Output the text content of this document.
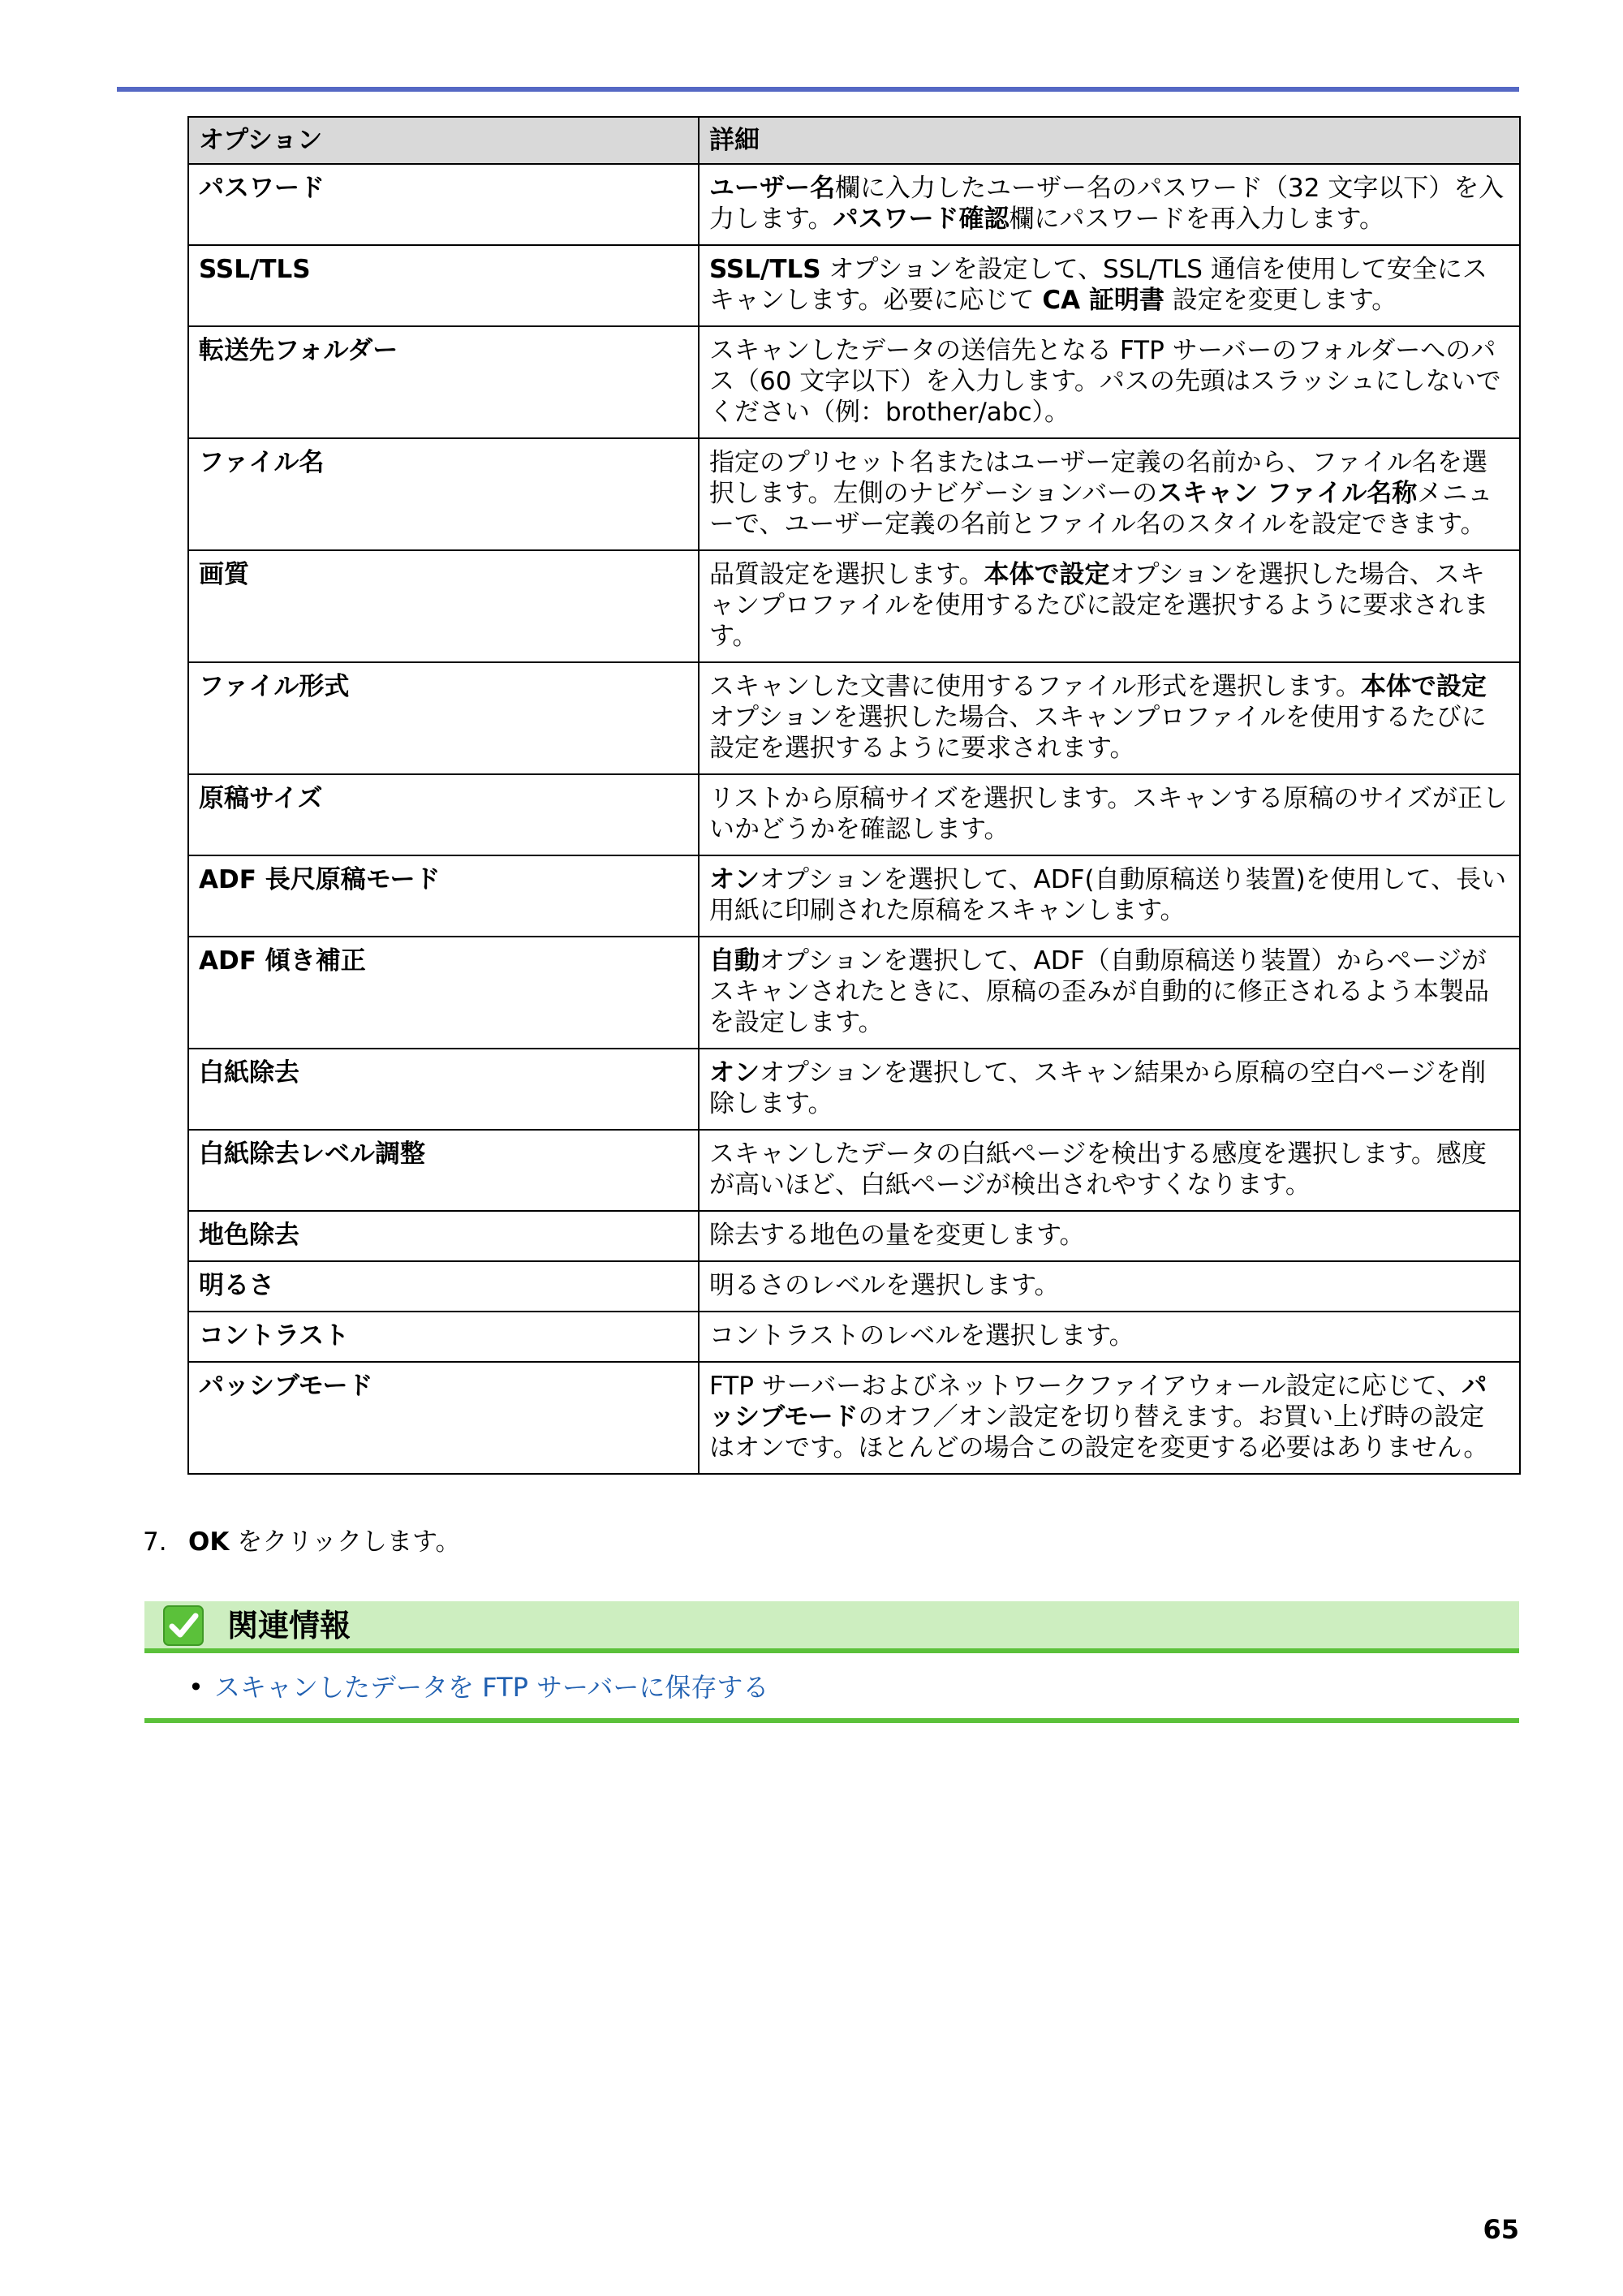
オプション	詳細
パスワード	ユーザー名欄に入力したユーザー名のパスワード（32 文字以下）を入力します。パスワード確認欄にパスワードを再入力します。
SSL/TLS	SSL/TLS オプションを設定して、SSL/TLS 通信を使用して安全にスキャンします。必要に応じて CA 証明書 設定を変更します。
転送先フォルダー	スキャンしたデータの送信先となる FTP サーバーのフォルダーへのパス（60 文字以下）を入力します。パスの先頭はスラッシュにしないでください（例：brother/abc）。
ファイル名	指定のプリセット名またはユーザー定義の名前から、ファイル名を選択します。左側のナビゲーションバーのスキャン ファイル名称メニューで、ユーザー定義の名前とファイル名のスタイルを設定できます。
画質	品質設定を選択します。本体で設定オプションを選択した場合、スキャンプロファイルを使用するたびに設定を選択するように要求されます。
ファイル形式	スキャンした文書に使用するファイル形式を選択します。本体で設定オプションを選択した場合、スキャンプロファイルを使用するたびに設定を選択するように要求されます。
原稿サイズ	リストから原稿サイズを選択します。スキャンする原稿のサイズが正しいかどうかを確認します。
ADF 長尺原稿モード	オンオプションを選択して、ADF(自動原稿送り装置)を使用して、長い用紙に印刷された原稿をスキャンします。
ADF 傾き補正	自動オプションを選択して、ADF（自動原稿送り装置）からページがスキャンされたときに、原稿の歪みが自動的に修正されるよう本製品を設定します。
白紙除去	オンオプションを選択して、スキャン結果から原稿の空白ページを削除します。
白紙除去レベル調整	スキャンしたデータの白紙ページを検出する感度を選択します。感度が高いほど、白紙ページが検出されやすくなります。
地色除去	除去する地色の量を変更します。
明るさ	明るさのレベルを選択します。
コントラスト	コントラストのレベルを選択します。
パッシブモード	FTP サーバーおよびネットワークファイアウォール設定に応じて、パッシブモードのオフ／オン設定を切り替えます。お買い上げ時の設定はオンです。ほとんどの場合この設定を変更する必要はありません。
7. OK をクリックします。
関連情報
• スキャンしたデータを FTP サーバーに保存する
65
